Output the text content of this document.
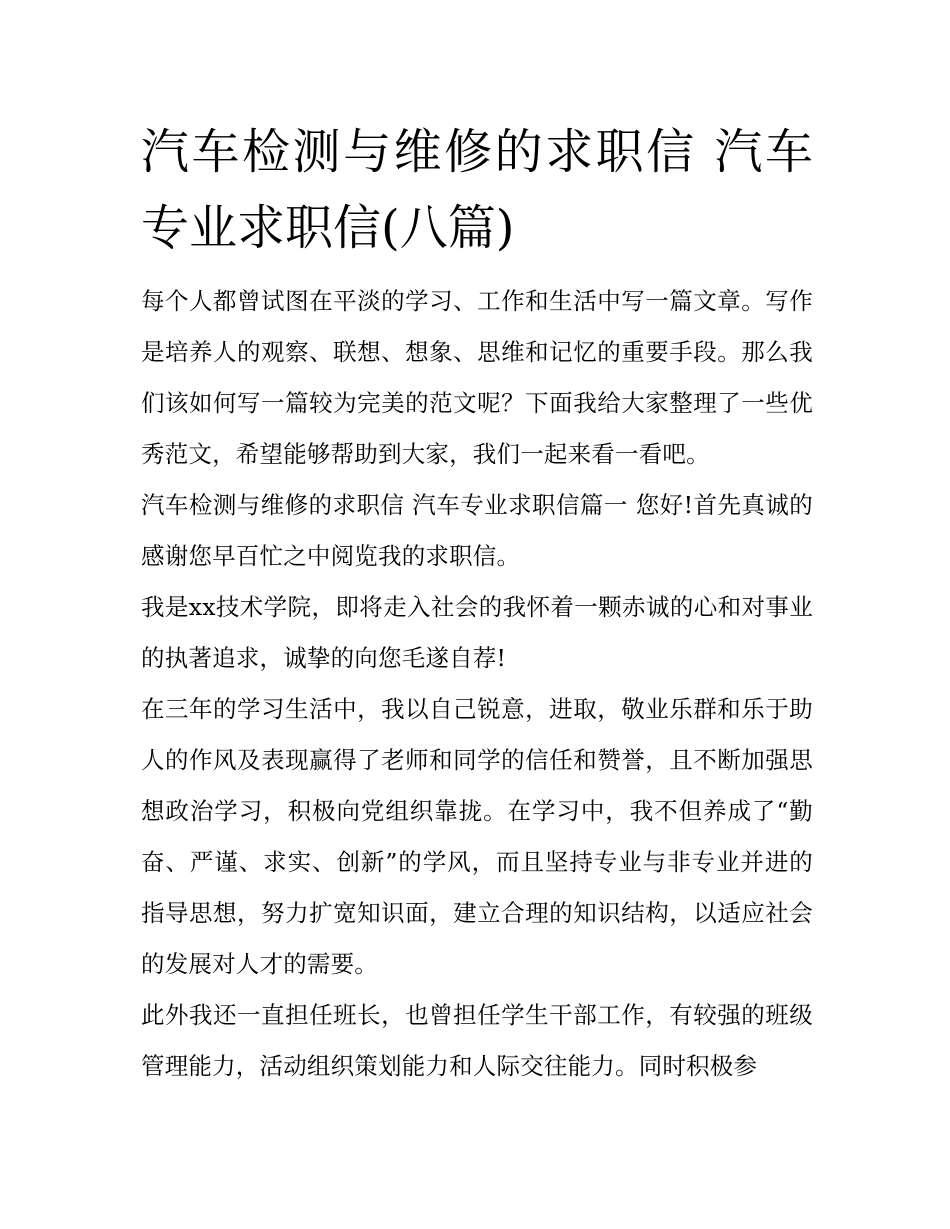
汽车检测与维修的求职信 汽车专业求职信(八篇)

每个人都曾试图在平淡的学习、工作和生活中写一篇文章。写作是培养人的观察、联想、想象、思维和记忆的重要手段。那么我们该如何写一篇较为完美的范文呢？下面我给大家整理了一些优秀范文，希望能够帮助到大家，我们一起来看一看吧。

汽车检测与维修的求职信 汽车专业求职信篇一 您好!首先真诚的感谢您早百忙之中阅览我的求职信。

我是xx技术学院，即将走入社会的我怀着一颗赤诚的心和对事业的执著追求，诚挚的向您毛遂自荐!

在三年的学习生活中，我以自己锐意，进取，敬业乐群和乐于助人的作风及表现赢得了老师和同学的信任和赞誉，且不断加强思想政治学习，积极向党组织靠拢。在学习中，我不但养成了“勤奋、严谨、求实、创新”的学风，而且坚持专业与非专业并进的指导思想，努力扩宽知识面，建立合理的知识结构，以适应社会的发展对人才的需要。

此外我还一直担任班长，也曾担任学生干部工作，有较强的班级管理能力，活动组织策划能力和人际交往能力。同时积极参
